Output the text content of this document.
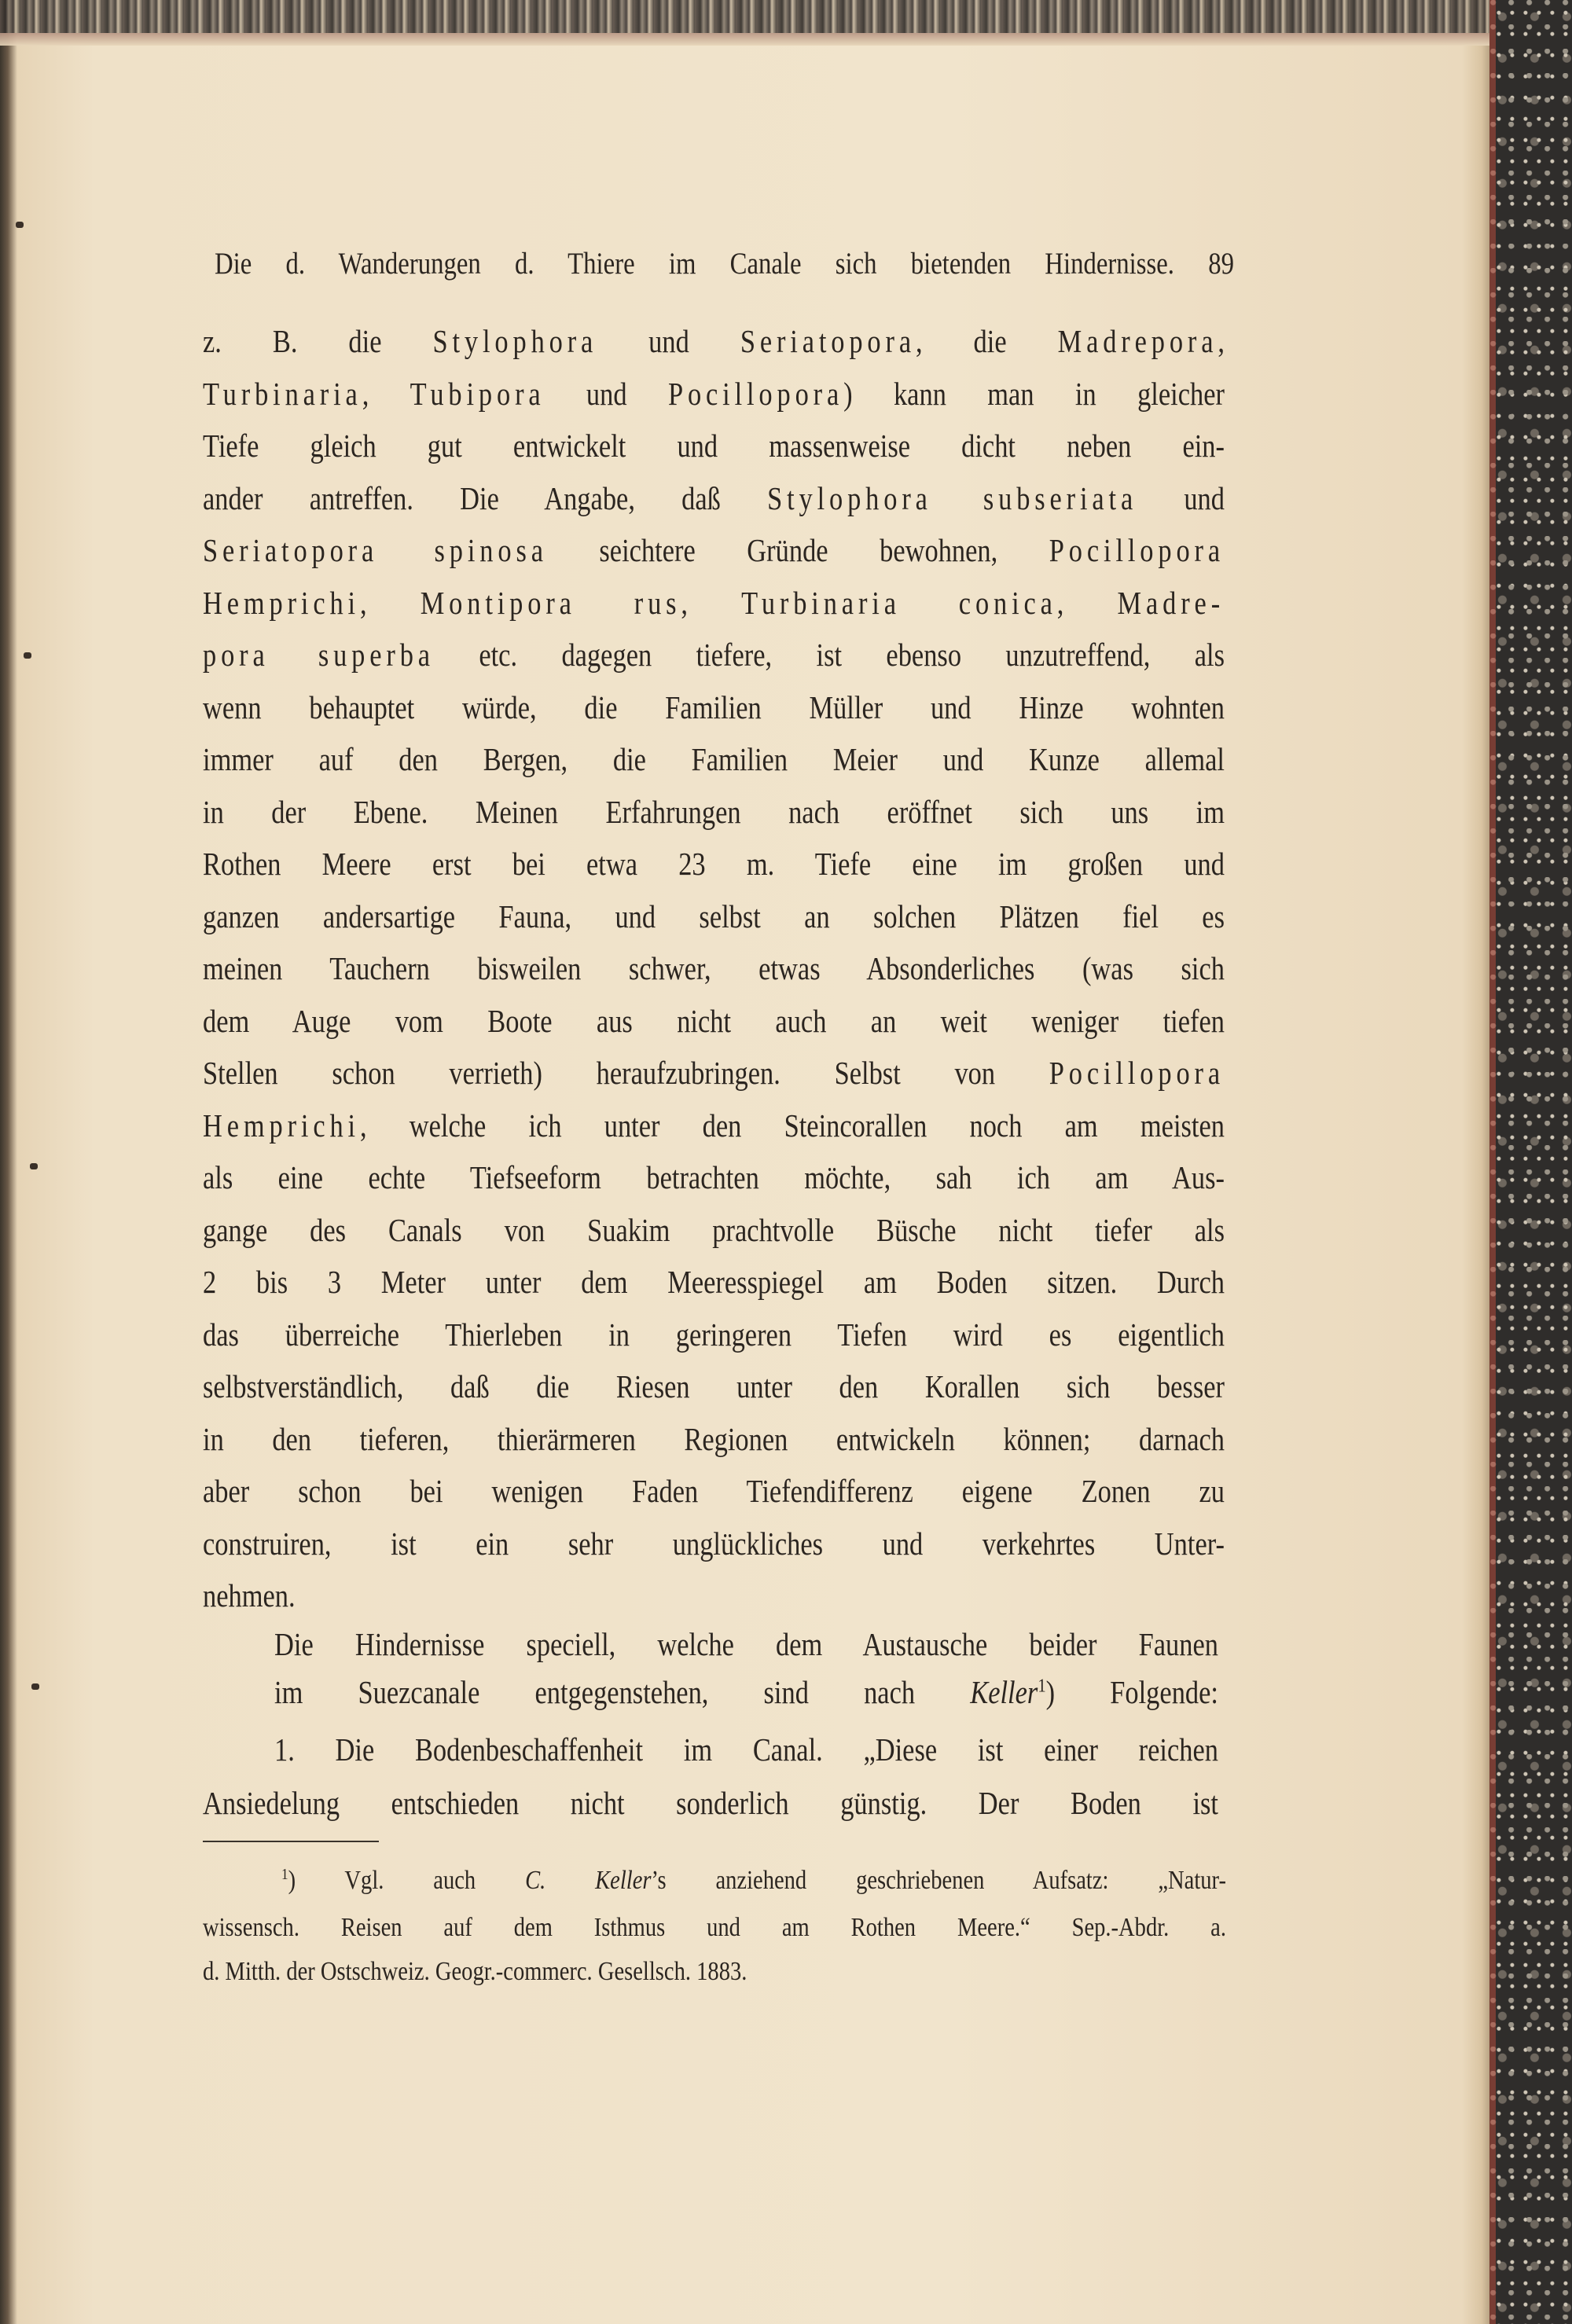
Die d. Wanderungen d. Thiere im Canale sich bietenden Hindernisse. 89
z. B. die Stylophora und Seriatopora, die Madrepora,
Turbinaria, Tubipora und Pocillopora) kann man in gleicher
Tiefe gleich gut entwickelt und massenweise dicht neben ein-
ander antreffen. Die Angabe, daß Stylophora subseriata und
Seriatopora spinosa seichtere Gründe bewohnen, Pocillopora
Hemprichi, Montipora rus, Turbinaria conica, Madre-
pora superba etc. dagegen tiefere, ist ebenso unzutreffend, als
wenn behauptet würde, die Familien Müller und Hinze wohnten
immer auf den Bergen, die Familien Meier und Kunze allemal
in der Ebene. Meinen Erfahrungen nach eröffnet sich uns im
Rothen Meere erst bei etwa 23 m. Tiefe eine im großen und
ganzen andersartige Fauna, und selbst an solchen Plätzen fiel es
meinen Tauchern bisweilen schwer, etwas Absonderliches (was sich
dem Auge vom Boote aus nicht auch an weit weniger tiefen
Stellen schon verrieth) heraufzubringen. Selbst von Pocillopora
Hemprichi, welche ich unter den Steincorallen noch am meisten
als eine echte Tiefseeform betrachten möchte, sah ich am Aus-
gange des Canals von Suakim prachtvolle Büsche nicht tiefer als
2 bis 3 Meter unter dem Meeresspiegel am Boden sitzen. Durch
das überreiche Thierleben in geringeren Tiefen wird es eigentlich
selbstverständlich, daß die Riesen unter den Korallen sich besser
in den tieferen, thierärmeren Regionen entwickeln können; darnach
aber schon bei wenigen Faden Tiefendifferenz eigene Zonen zu
construiren, ist ein sehr unglückliches und verkehrtes Unter-
nehmen.
Die Hindernisse speciell, welche dem Austausche beider Faunen
im Suezcanale entgegenstehen, sind nach Keller$^1$) Folgende:
1. Die Bodenbeschaffenheit im Canal. „Diese ist einer reichen
Ansiedelung entschieden nicht sonderlich günstig. Der Boden ist
$^1$) Vgl. auch C. Keller’s anziehend geschriebenen Aufsatz: „Natur-
wissensch. Reisen auf dem Isthmus und am Rothen Meere.“ Sep.-Abdr. a.
d. Mitth. der Ostschweiz. Geogr.-commerc. Gesellsch. 1883.
